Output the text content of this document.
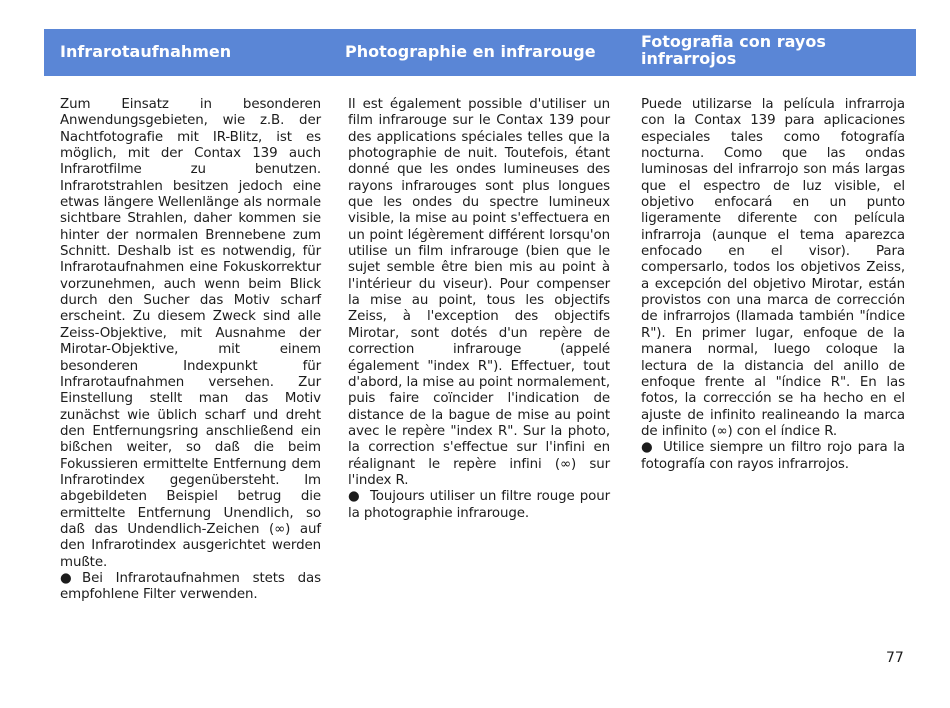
Infrarotaufnahmen	Photographie en infrarouge
Fotografia con rayos infrarrojos

Zum Einsatz in besonderen Anwendungsgebieten, wie z.B. der Nachtfotografie mit IR-Blitz, ist es möglich, mit der Contax 139 auch Infrarotfilme zu benutzen. Infrarotstrahlen besitzen jedoch eine etwas längere Wellenlänge als normale sichtbare Strahlen, daher kommen sie hinter der normalen Brennebene zum Schnitt. Deshalb ist es notwendig, für Infrarotaufnahmen eine Fokuskorrektur vorzunehmen, auch wenn beim Blick durch den Sucher das Motiv scharf erscheint. Zu diesem Zweck sind alle Zeiss-Objektive, mit Ausnahme der Mirotar-Objektive, mit einem besonderen Indexpunkt für Infrarotaufnahmen versehen. Zur Einstellung stellt man das Motiv zunächst wie üblich scharf und dreht den Entfernungsring anschließend ein bißchen weiter, so daß die beim Fokussieren ermittelte Entfernung dem Infrarotindex gegenübersteht. Im abgebildeten Beispiel betrug die ermittelte Entfernung Unendlich, so daß das Undendlich-Zeichen (∞) auf den Infrarotindex ausgerichtet werden mußte.

● Bei Infrarotaufnahmen stets das empfohlene Filter verwenden.

Il est également possible d'utiliser un film infrarouge sur le Contax 139 pour des applications spéciales telles que la photographie de nuit. Toutefois, étant donné que les ondes lumineuses des rayons infrarouges sont plus longues que les ondes du spectre lumineux visible, la mise au point s'effectuera en un point légèrement différent lorsqu'on utilise un film infrarouge (bien que le sujet semble être bien mis au point à l'intérieur du viseur). Pour compenser la mise au point, tous les objectifs Zeiss, à l'exception des objectifs Mirotar, sont dotés d'un repère de correction infrarouge (appelé également "index R"). Effectuer, tout d'abord, la mise au point normalement, puis faire coïncider l'indication de distance de la bague de mise au point avec le repère "index R". Sur la photo, la correction s'effectue sur l'infini en réalignant le repère infini (∞) sur l'index R.

● Toujours utiliser un filtre rouge pour la photographie infrarouge.

Puede utilizarse la película infrarroja con la Contax 139 para aplicaciones especiales tales como fotografía nocturna. Como que las ondas luminosas del infrarrojo son más largas que el espectro de luz visible, el objetivo enfocará en un punto ligeramente diferente con película infrarroja (aunque el tema aparezca enfocado en el visor). Para compersarlo, todos los objetivos Zeiss, a excepción del objetivo Mirotar, están provistos con una marca de corrección de infrarrojos (llamada también "índice R"). En primer lugar, enfoque de la manera normal, luego coloque la lectura de la distancia del anillo de enfoque frente al "índice R". En las fotos, la corrección se ha hecho en el ajuste de infinito realineando la marca de infinito (∞) con el índice R.

● Utilice siempre un filtro rojo para la fotografía con rayos infrarrojos.

77
